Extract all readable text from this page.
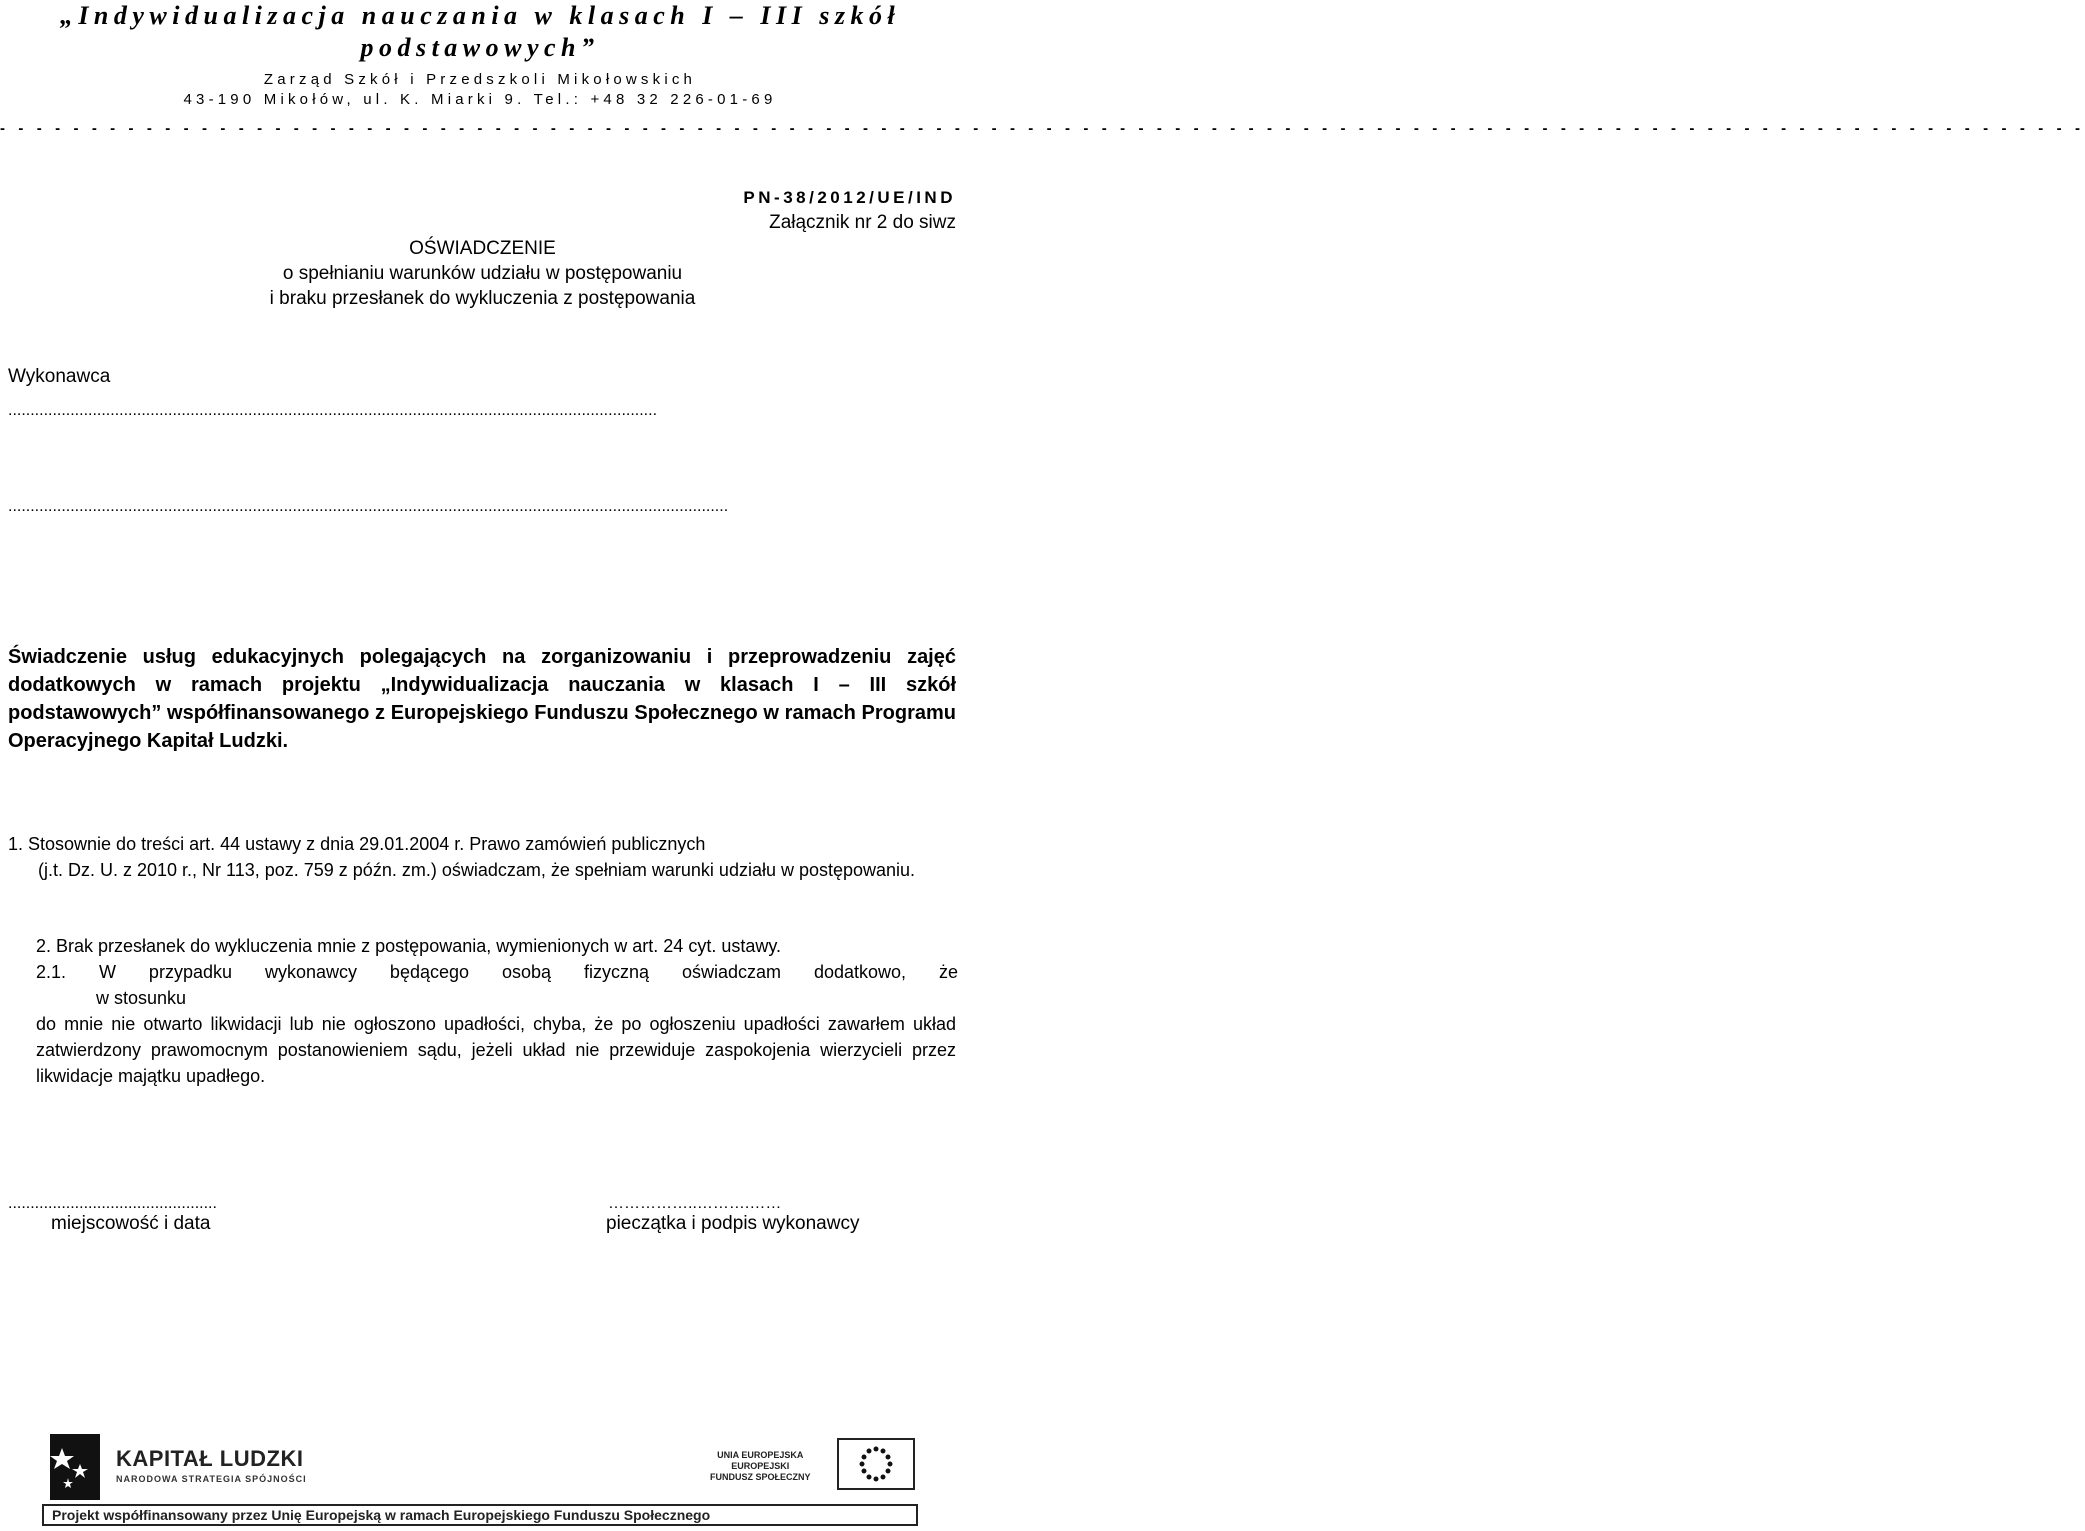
„Indywidualizacja nauczania w klasach I – III szkół
podstawowych”
Zarząd Szkół i Przedszkoli Mikołowskich
43-190 Mikołów, ul. K. Miarki 9. Tel.: +48 32 226-01-69
- - - - - - - - - - - - - - - - - - - - - - - - - - - - - - - - - - - - - - - - - - - - - - - - - - - - - - - - - - - - - - - - - - - - - - - - - - - - - - - - - - - - - - - - - - - - - - - - - - - - - - - - - - - - - - - - - -
PN-38/2012/UE/IND
Załącznik nr 2 do siwz
OŚWIADCZENIE
o spełnianiu warunków udziału w postępowaniu
i braku przesłanek do wykluczenia z postępowania
Wykonawca
..................................................................................................................................................
..................................................................................................................................................................
Świadczenie usług edukacyjnych polegających na zorganizowaniu i przeprowadzeniu zajęć dodatkowych w ramach projektu „Indywidualizacja nauczania w klasach I – III szkół podstawowych” współfinansowanego z Europejskiego Funduszu Społecznego w ramach Programu Operacyjnego Kapitał Ludzki.

1. Stosownie do treści art. 44 ustawy z dnia 29.01.2004 r. Prawo zamówień publicznych

(j.t. Dz. U. z 2010 r., Nr 113, poz. 759 z późn. zm.) oświadczam, że spełniam warunki udziału w postępowaniu.

2. Brak przesłanek do wykluczenia mnie z postępowania, wymienionych w art. 24 cyt. ustawy.

2.1. W przypadku wykonawcy będącego osobą fizyczną oświadczam dodatkowo, że

w stosunku

do mnie nie otwarto likwidacji lub nie ogłoszono upadłości, chyba, że po ogłoszeniu upadłości zawarłem układ zatwierdzony prawomocnym postanowieniem sądu, jeżeli układ nie przewiduje zaspokojenia wierzycieli przez likwidacje majątku upadłego.

...............................................
miejscowość i data
……………..……….……
pieczątka i podpis wykonawcy
KAPITAŁ LUDZKI
NARODOWA STRATEGIA SPÓJNOŚCI
UNIA EUROPEJSKA
EUROPEJSKI
FUNDUSZ SPOŁECZNY
Projekt współfinansowany przez Unię Europejską w ramach Europejskiego Funduszu Społecznego
